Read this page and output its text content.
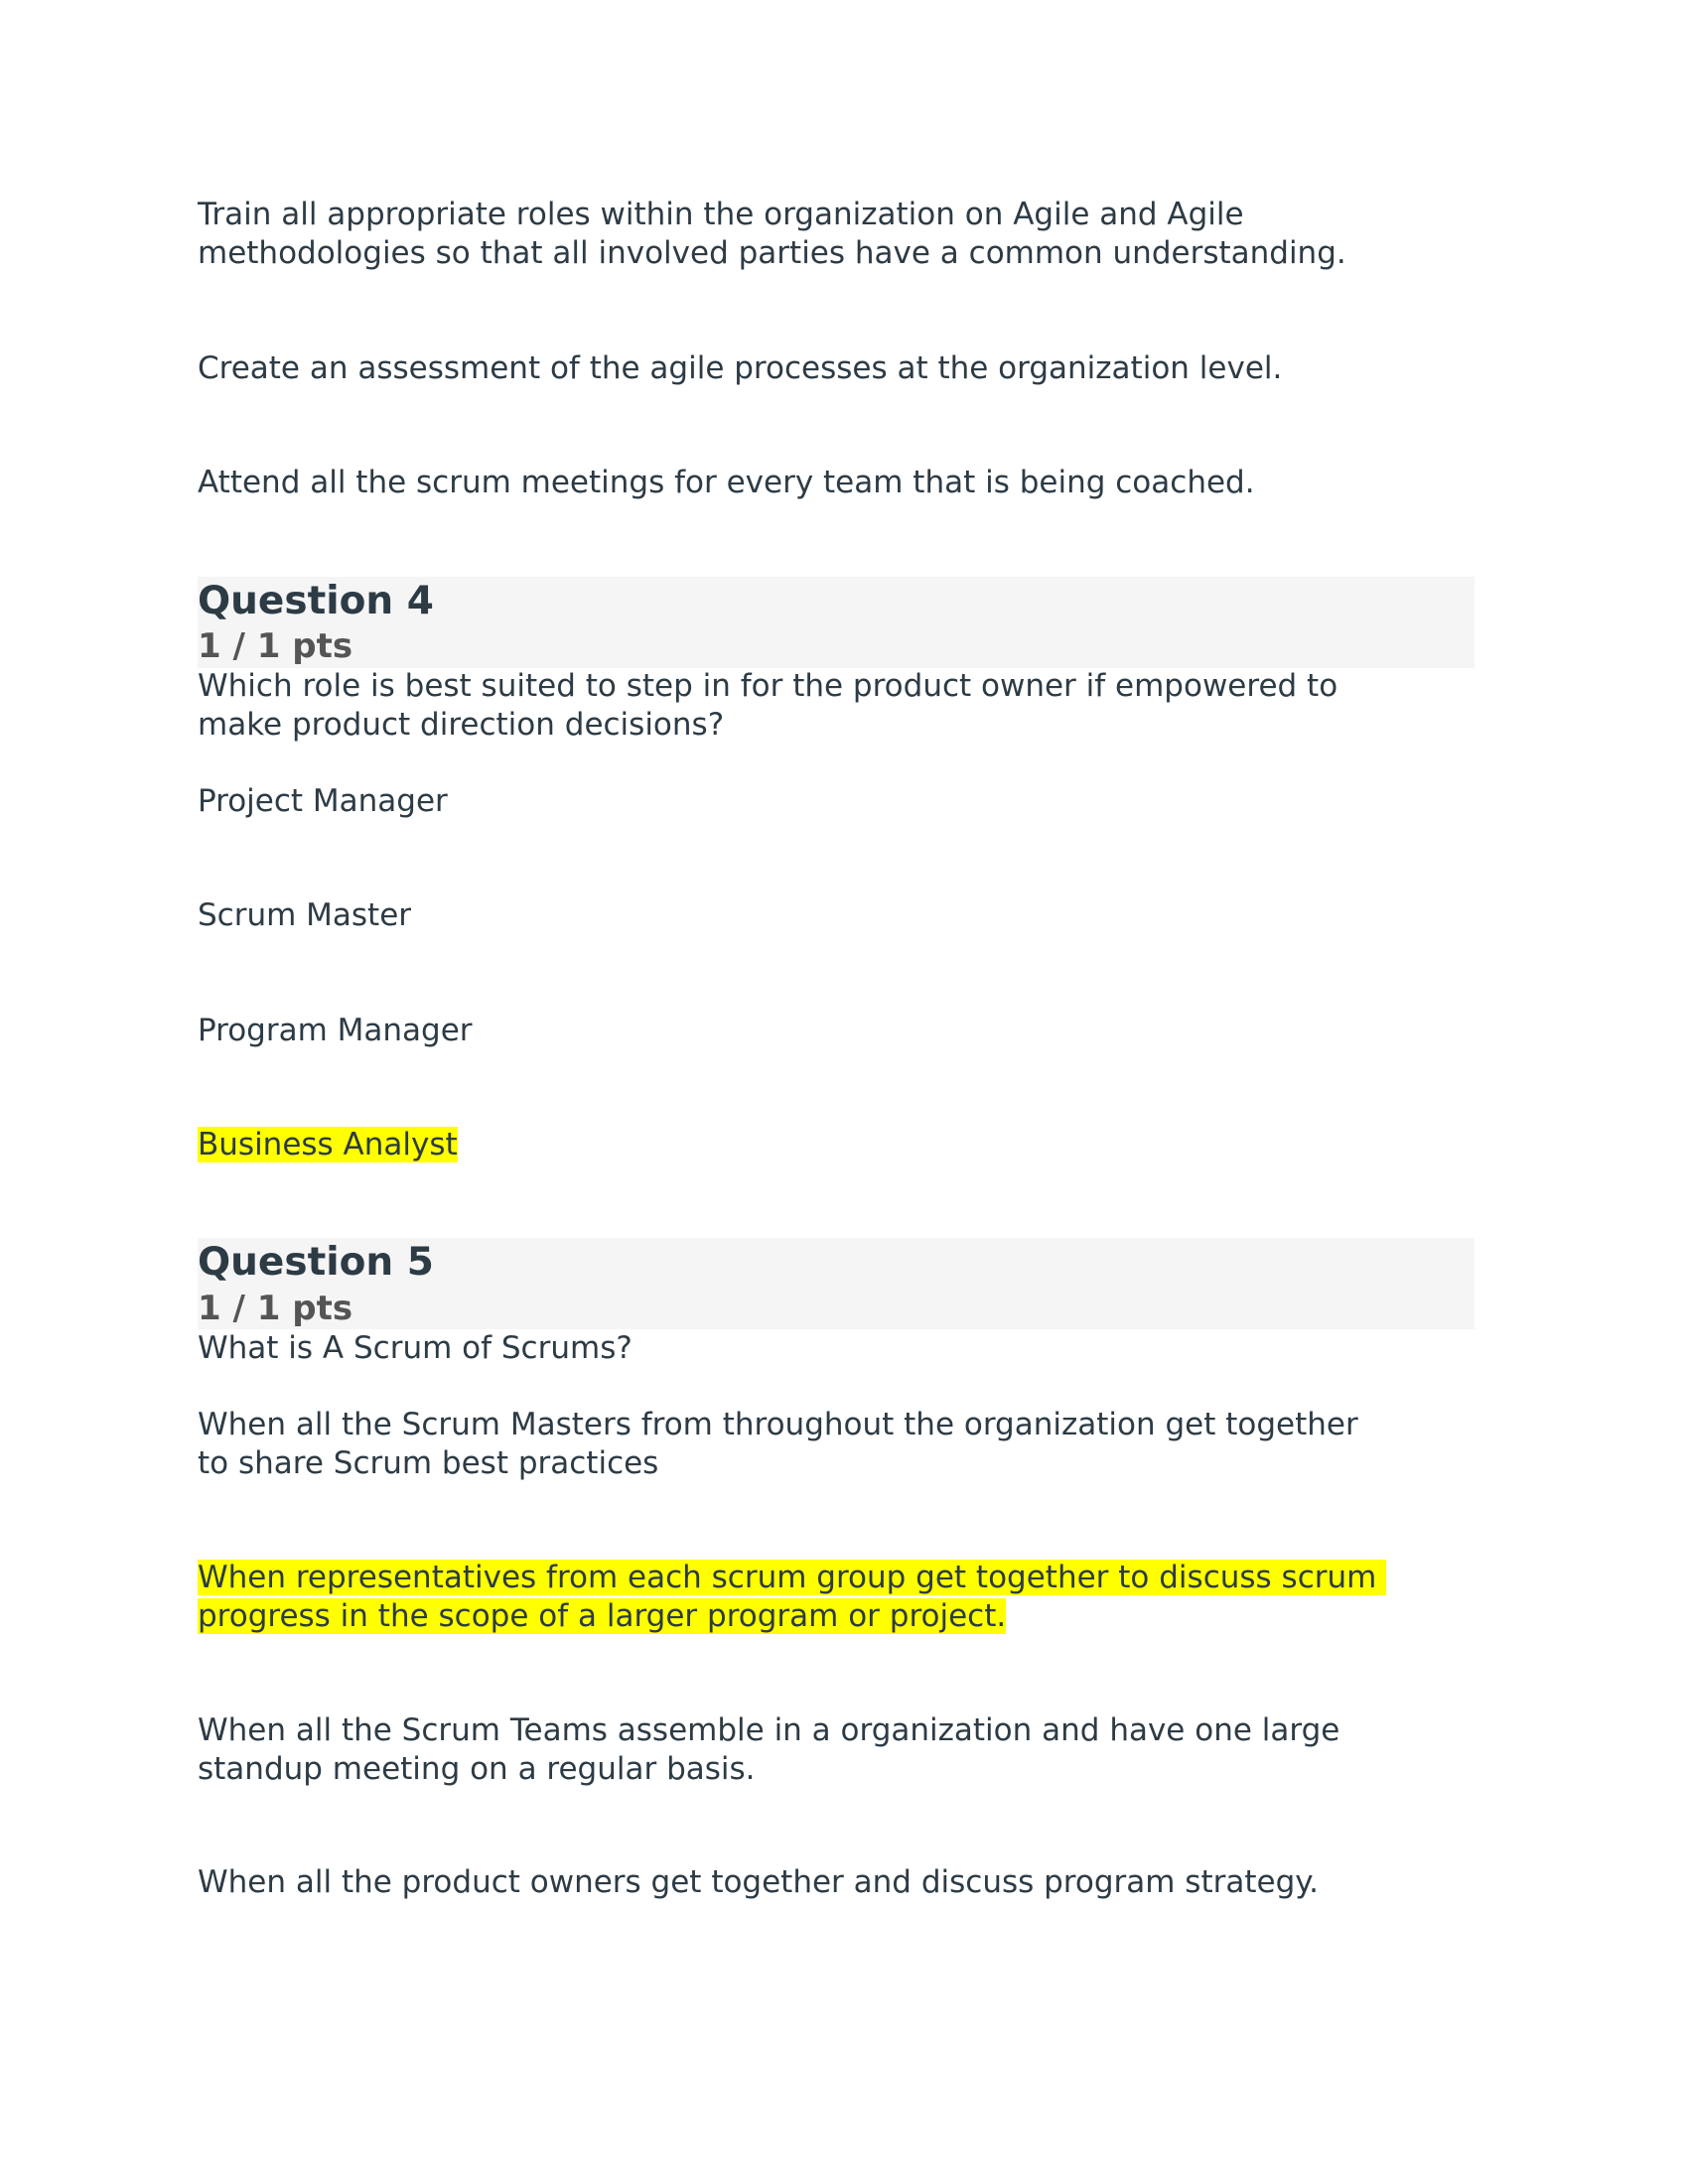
Train all appropriate roles within the organization on Agile and Agile
methodologies so that all involved parties have a common understanding.
Create an assessment of the agile processes at the organization level.
Attend all the scrum meetings for every team that is being coached.
Question 4
1 / 1 pts
Which role is best suited to step in for the product owner if empowered to
make product direction decisions?
Project Manager
Scrum Master
Program Manager
Business Analyst
Question 5
1 / 1 pts
What is A Scrum of Scrums?
When all the Scrum Masters from throughout the organization get together
to share Scrum best practices
When representatives from each scrum group get together to discuss scrum
progress in the scope of a larger program or project.
When all the Scrum Teams assemble in a organization and have one large
standup meeting on a regular basis.
When all the product owners get together and discuss program strategy.
